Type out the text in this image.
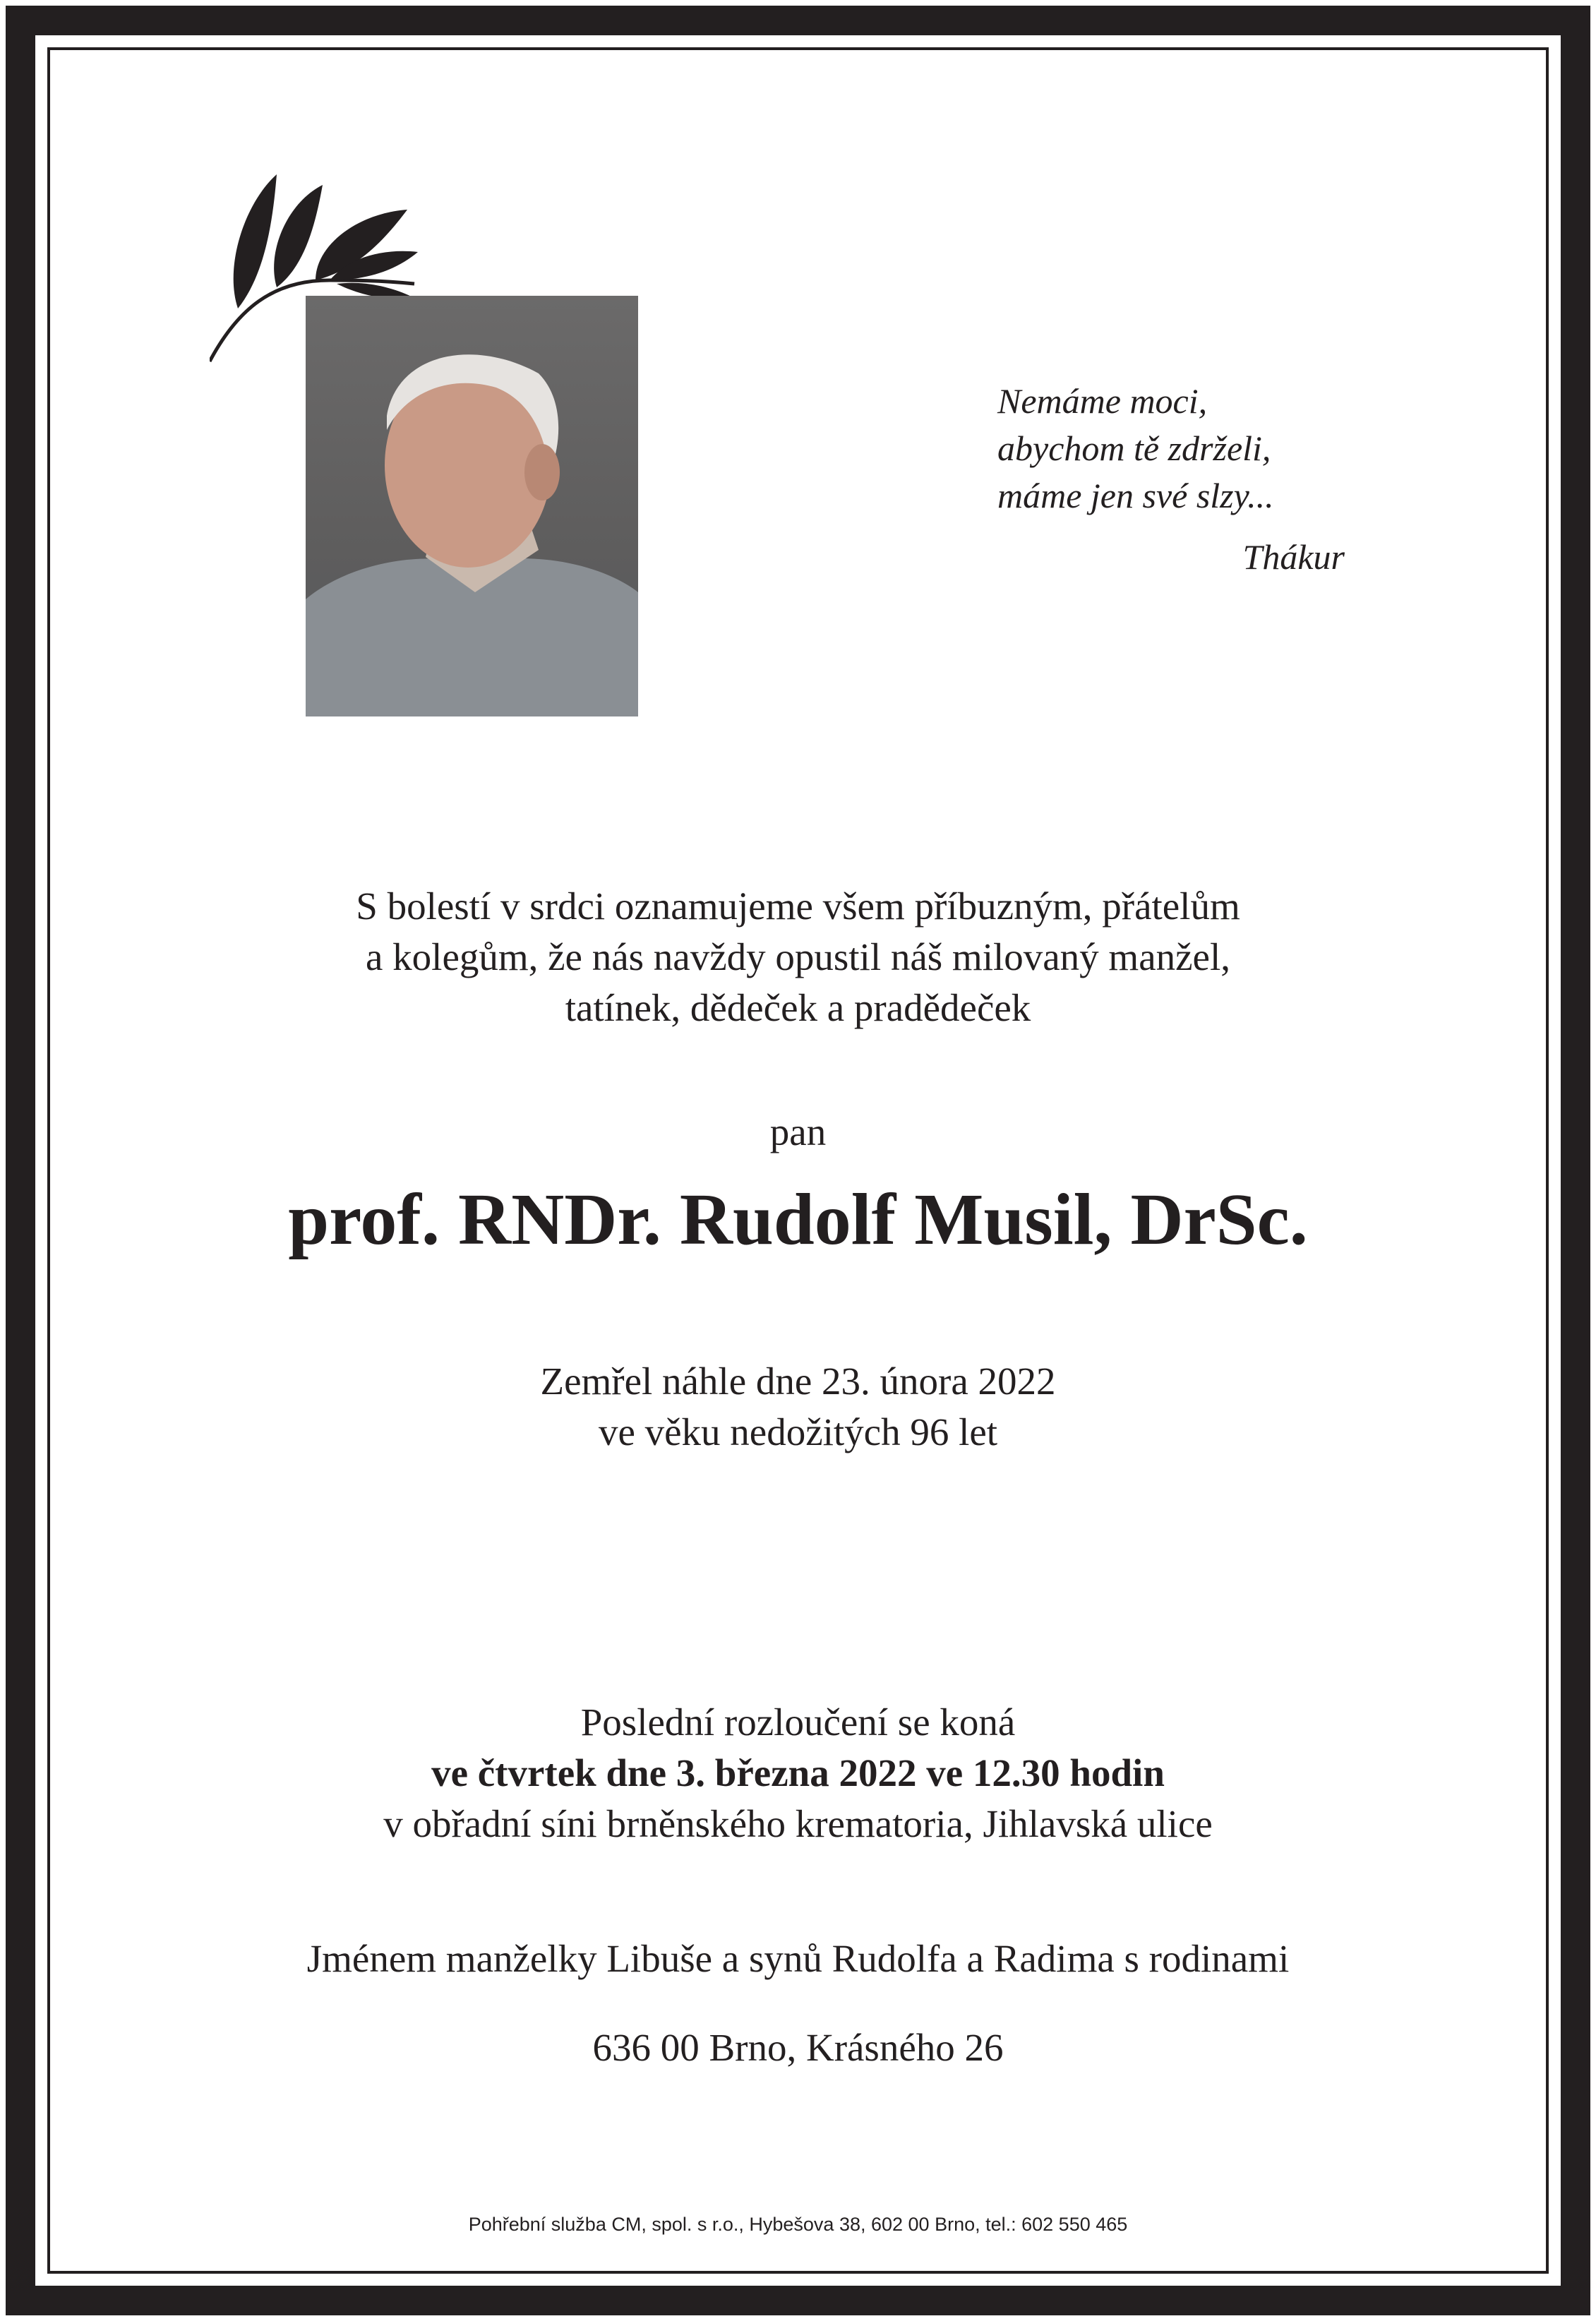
Nemáme moci,
abychom tě zdrželi,
máme jen své slzy...
Thákur
S bolestí v srdci oznamujeme všem příbuzným, přátelům
a kolegům, že nás navždy opustil náš milovaný manžel,
tatínek, dědeček a pradědeček
pan
prof. RNDr. Rudolf Musil, DrSc.
Zemřel náhle dne 23. února 2022
ve věku nedožitých 96 let
Poslední rozloučení se koná
ve čtvrtek dne 3. března 2022 ve 12.30 hodin
v obřadní síni brněnského krematoria, Jihlavská ulice
Jménem manželky Libuše a synů Rudolfa a Radima s rodinami
636 00 Brno, Krásného 26
Pohřební služba CM, spol. s r.o., Hybešova 38, 602 00 Brno, tel.: 602 550 465
